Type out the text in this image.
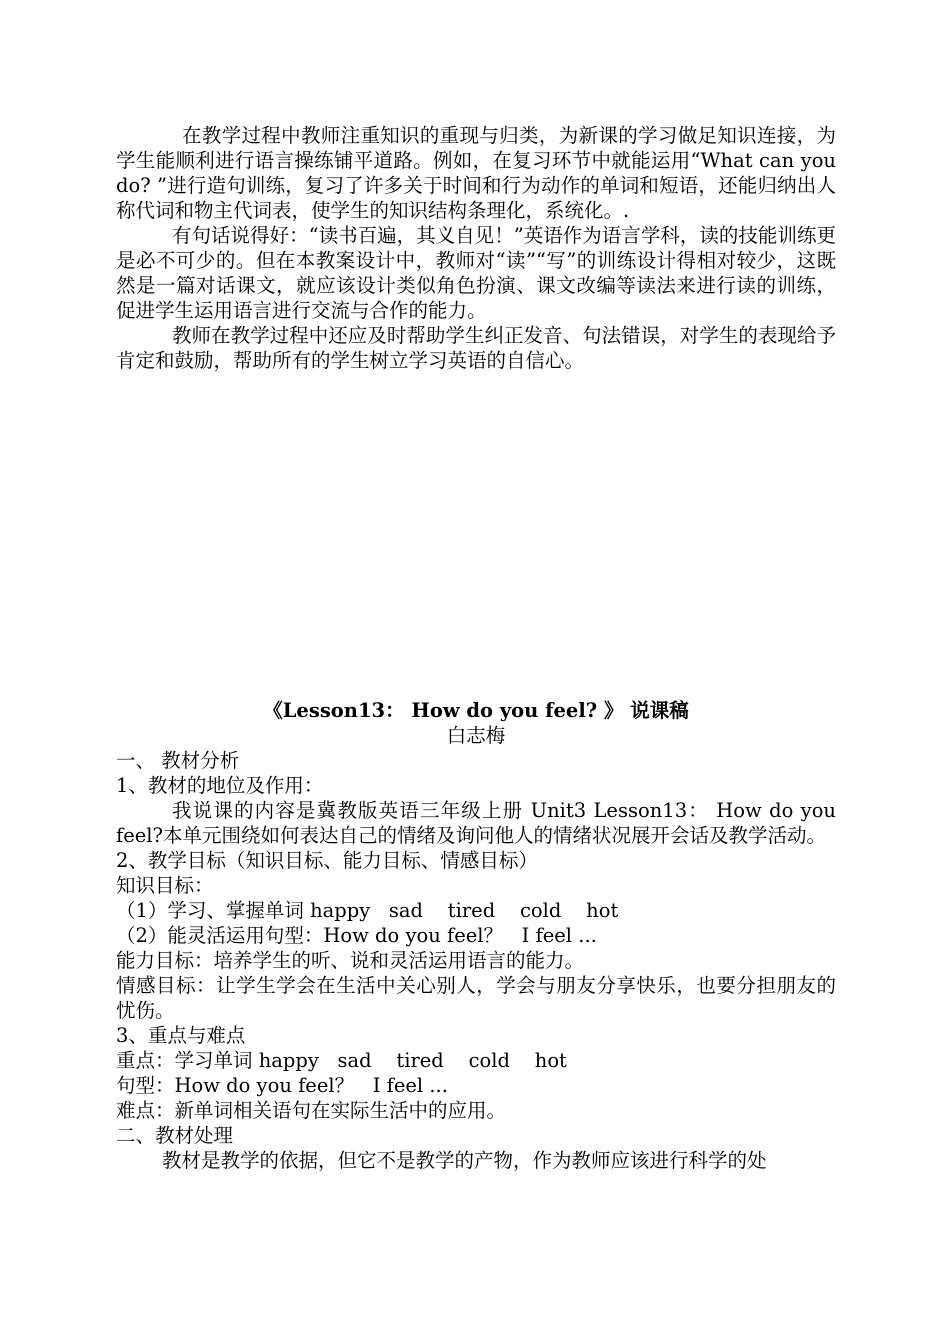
在教学过程中教师注重知识的重现与归类，为新课的学习做足知识连接，为学生能顺利进行语言操练铺平道路。例如，在复习环节中就能运用“What can you do? ”进行造句训练，复习了许多关于时间和行为动作的单词和短语，还能归纳出人称代词和物主代词表，使学生的知识结构条理化，系统化。.

有句话说得好：“读书百遍，其义自见！”英语作为语言学科，读的技能训练更是必不可少的。但在本教案设计中，教师对“读”“写”的训练设计得相对较少，这既然是一篇对话课文，就应该设计类似角色扮演、课文改编等读法来进行读的训练，促进学生运用语言进行交流与合作的能力。

教师在教学过程中还应及时帮助学生纠正发音、句法错误，对学生的表现给予肯定和鼓励，帮助所有的学生树立学习英语的自信心。

《Lesson13： How do you feel? 》 说课稿

白志梅

一、 教材分析

1、教材的地位及作用：

我说课的内容是冀教版英语三年级上册 Unit3 Lesson13： How do you feel?本单元围绕如何表达自己的情绪及询问他人的情绪状况展开会话及教学活动。

2、教学目标（知识目标、能力目标、情感目标）

知识目标：

（1）学习、掌握单词 happy   sad    tired    cold    hot

（2）能灵活运用句型：How do you feel？   I feel ...

能力目标：培养学生的听、说和灵活运用语言的能力。

情感目标：让学生学会在生活中关心别人，学会与朋友分享快乐，也要分担朋友的忧伤。

3、重点与难点

重点：学习单词 happy   sad    tired    cold    hot

句型：How do you feel？   I feel ...

难点：新单词相关语句在实际生活中的应用。

二、教材处理

教材是教学的依据，但它不是教学的产物，作为教师应该进行科学的处
